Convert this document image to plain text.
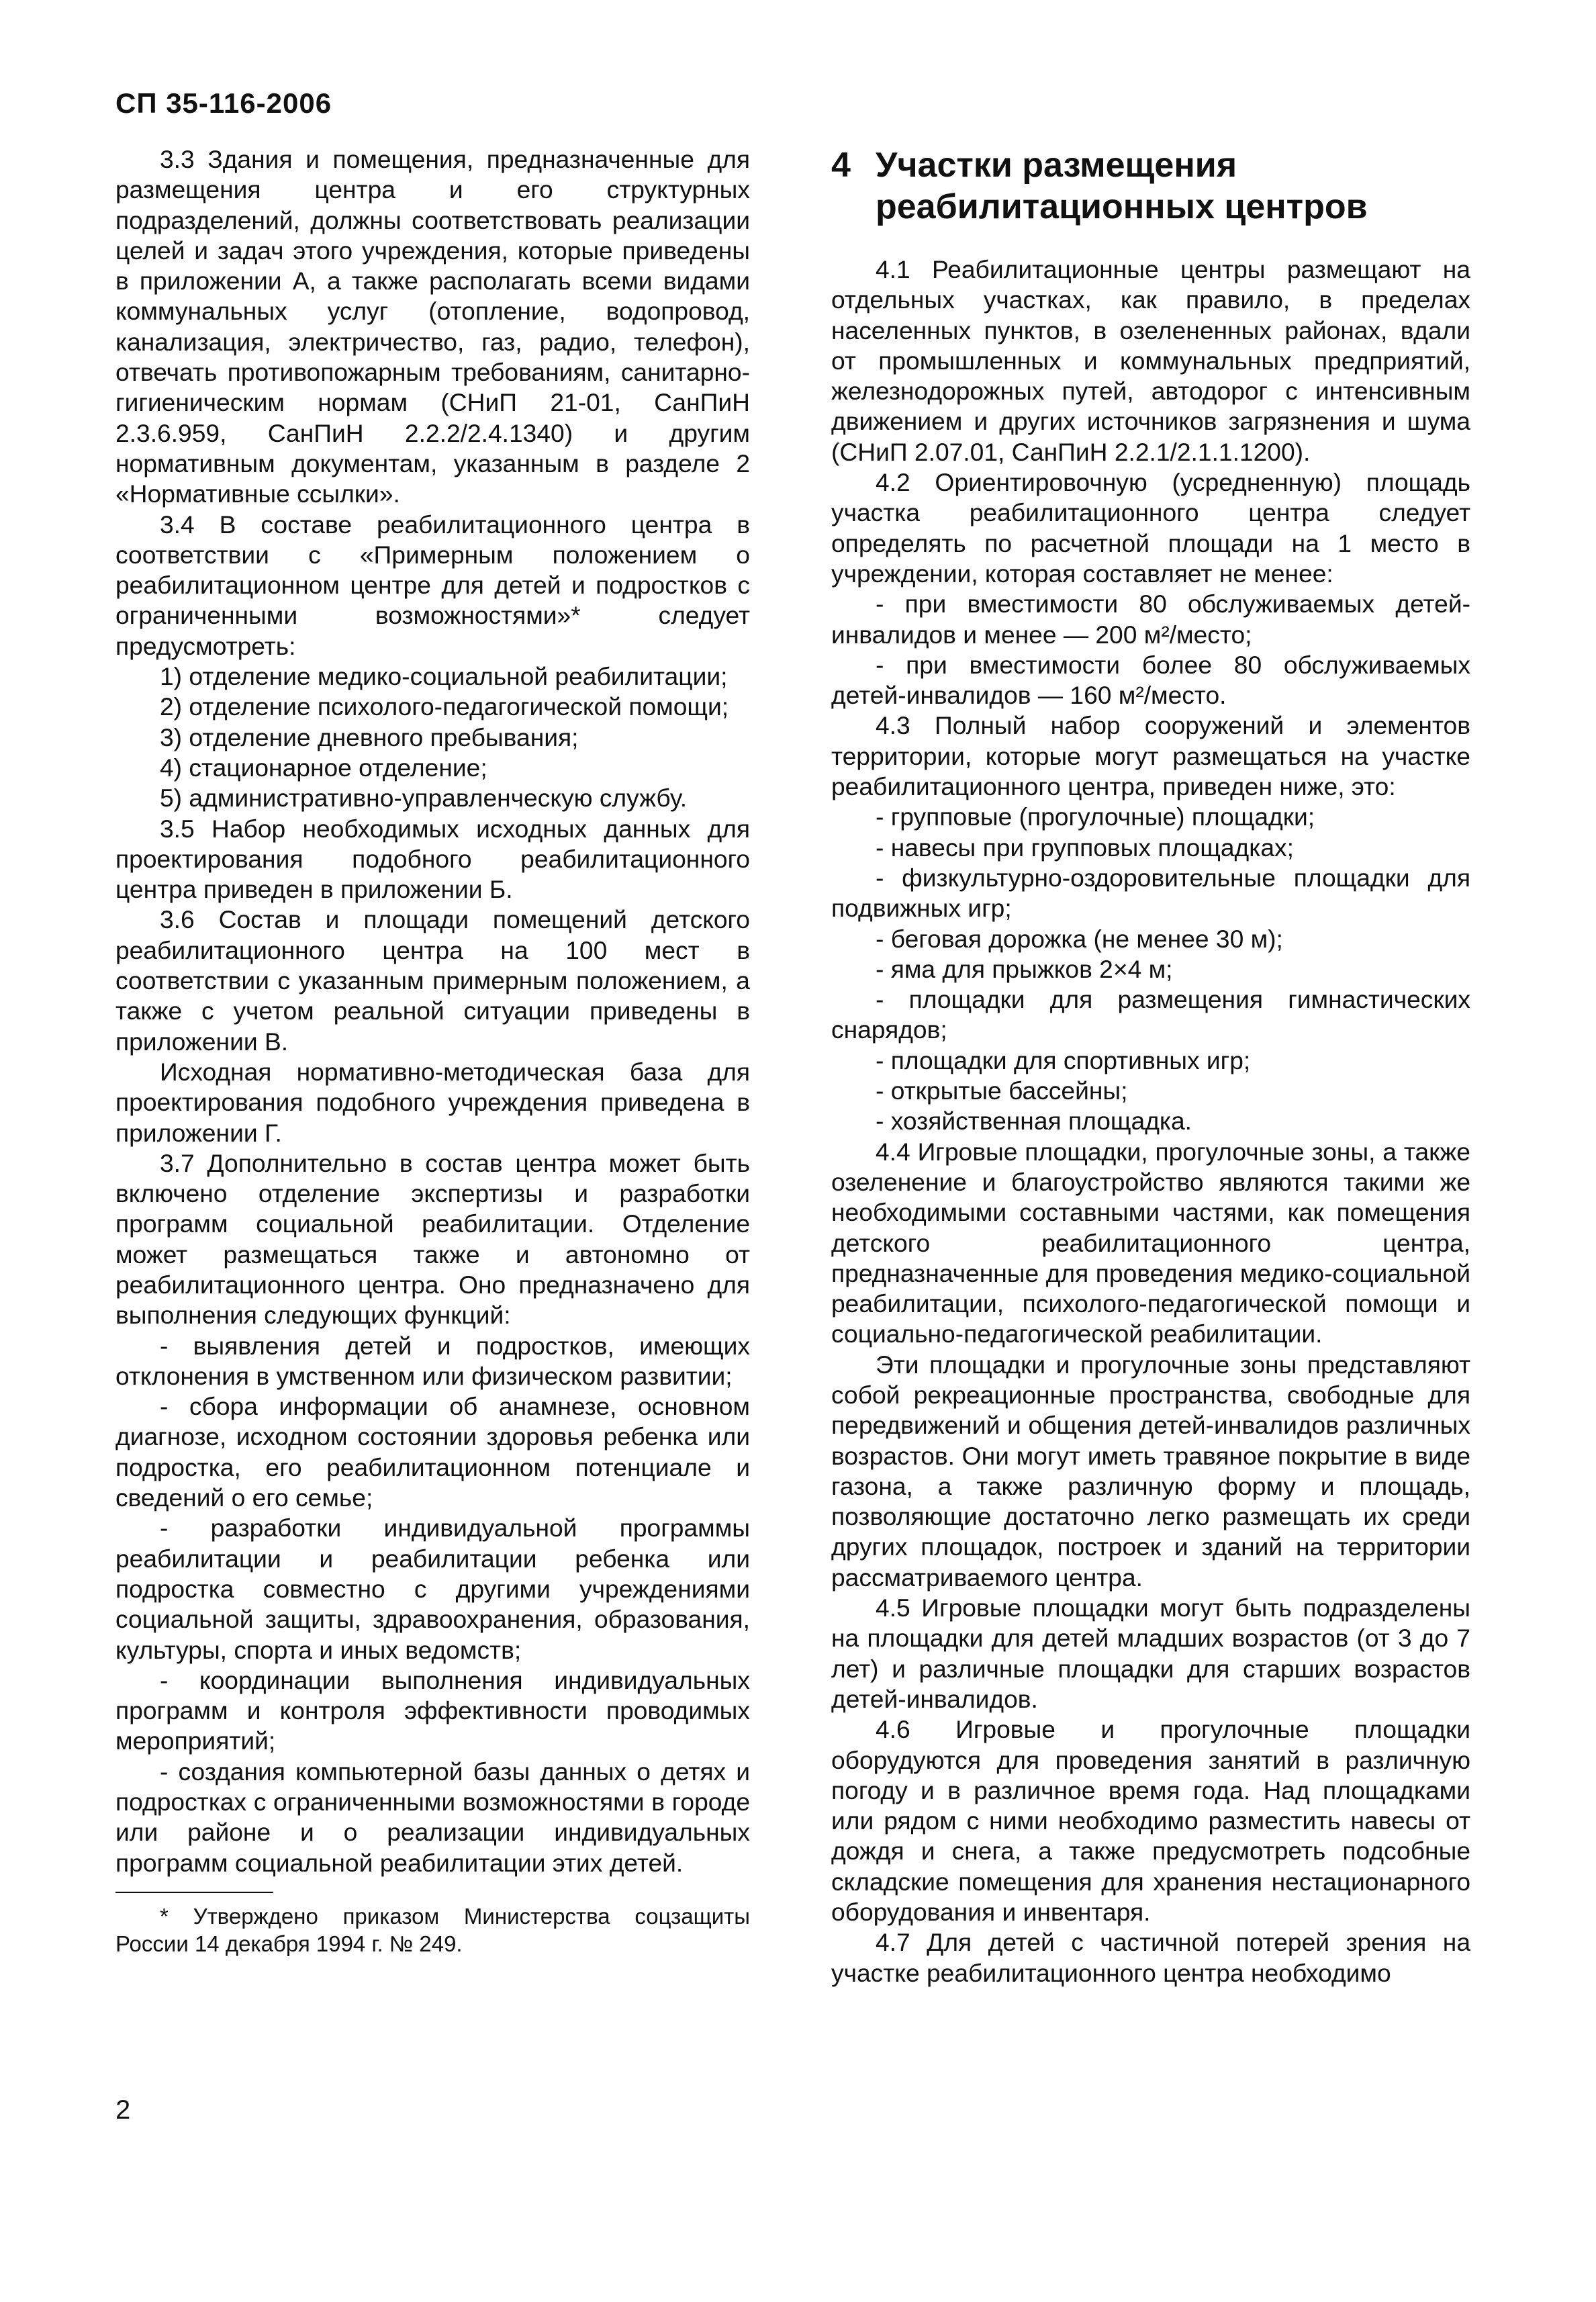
СП 35-116-2006

3.3 Здания и помещения, предназначенные для размещения центра и его структурных подразделений, должны соответствовать реализации целей и задач этого учреждения, которые приведены в приложении А, а также располагать всеми видами коммунальных услуг (отопление, водопровод, канализация, электричество, газ, радио, телефон), отвечать противопожарным требованиям, санитарно-гигиеническим нормам (СНиП 21-01, СанПиН 2.3.6.959, СанПиН 2.2.2/2.4.1340) и другим нормативным документам, указанным в разделе 2 «Нормативные ссылки».

3.4 В составе реабилитационного центра в соответствии с «Примерным положением о реабилитационном центре для детей и подростков с ограниченными возможностями»* следует предусмотреть:

1) отделение медико-социальной реабилитации;

2) отделение психолого-педагогической помощи;

3) отделение дневного пребывания;

4) стационарное отделение;

5) административно-управленческую службу.

3.5 Набор необходимых исходных данных для проектирования подобного реабилитационного центра приведен в приложении Б.

3.6 Состав и площади помещений детского реабилитационного центра на 100 мест в соответствии с указанным примерным положением, а также с учетом реальной ситуации приведены в приложении В.

Исходная нормативно-методическая база для проектирования подобного учреждения приведена в приложении Г.

3.7 Дополнительно в состав центра может быть включено отделение экспертизы и разработки программ социальной реабилитации. Отделение может размещаться также и автономно от реабилитационного центра. Оно предназначено для выполнения следующих функций:

- выявления детей и подростков, имеющих отклонения в умственном или физическом развитии;

- сбора информации об анамнезе, основном диагнозе, исходном состоянии здоровья ребенка или подростка, его реабилитационном потенциале и сведений о его семье;

- разработки индивидуальной программы реабилитации и реабилитации ребенка или подростка совместно с другими учреждениями социальной защиты, здравоохранения, образования, культуры, спорта и иных ведомств;

- координации выполнения индивидуальных программ и контроля эффективности проводимых мероприятий;

- создания компьютерной базы данных о детях и подростках с ограниченными возможностями в городе или районе и о реализации индивидуальных программ социальной реабилитации этих детей.

* Утверждено приказом Министерства соцзащиты России 14 декабря 1994 г. № 249.

4 Участки размещения реабилитационных центров

4.1 Реабилитационные центры размещают на отдельных участках, как правило, в пределах населенных пунктов, в озелененных районах, вдали от промышленных и коммунальных предприятий, железнодорожных путей, автодорог с интенсивным движением и других источников загрязнения и шума (СНиП 2.07.01, СанПиН 2.2.1/2.1.1.1200).

4.2 Ориентировочную (усредненную) площадь участка реабилитационного центра следует определять по расчетной площади на 1 место в учреждении, которая составляет не менее:

- при вместимости 80 обслуживаемых детей-инвалидов и менее — 200 м²/место;

- при вместимости более 80 обслуживаемых детей-инвалидов — 160 м²/место.

4.3 Полный набор сооружений и элементов территории, которые могут размещаться на участке реабилитационного центра, приведен ниже, это:

- групповые (прогулочные) площадки;

- навесы при групповых площадках;

- физкультурно-оздоровительные площадки для подвижных игр;

- беговая дорожка (не менее 30 м);

- яма для прыжков 2×4 м;

- площадки для размещения гимнастических снарядов;

- площадки для спортивных игр;

- открытые бассейны;

- хозяйственная площадка.

4.4 Игровые площадки, прогулочные зоны, а также озеленение и благоустройство являются такими же необходимыми составными частями, как помещения детского реабилитационного центра, предназначенные для проведения медико-социальной реабилитации, психолого-педагогической помощи и социально-педагогической реабилитации.

Эти площадки и прогулочные зоны представляют собой рекреационные пространства, свободные для передвижений и общения детей-инвалидов различных возрастов. Они могут иметь травяное покрытие в виде газона, а также различную форму и площадь, позволяющие достаточно легко размещать их среди других площадок, построек и зданий на территории рассматриваемого центра.

4.5 Игровые площадки могут быть подразделены на площадки для детей младших возрастов (от 3 до 7 лет) и различные площадки для старших возрастов детей-инвалидов.

4.6 Игровые и прогулочные площадки оборудуются для проведения занятий в различную погоду и в различное время года. Над площадками или рядом с ними необходимо разместить навесы от дождя и снега, а также предусмотреть подсобные складские помещения для хранения нестационарного оборудования и инвентаря.

4.7 Для детей с частичной потерей зрения на участке реабилитационного центра необходимо

2
